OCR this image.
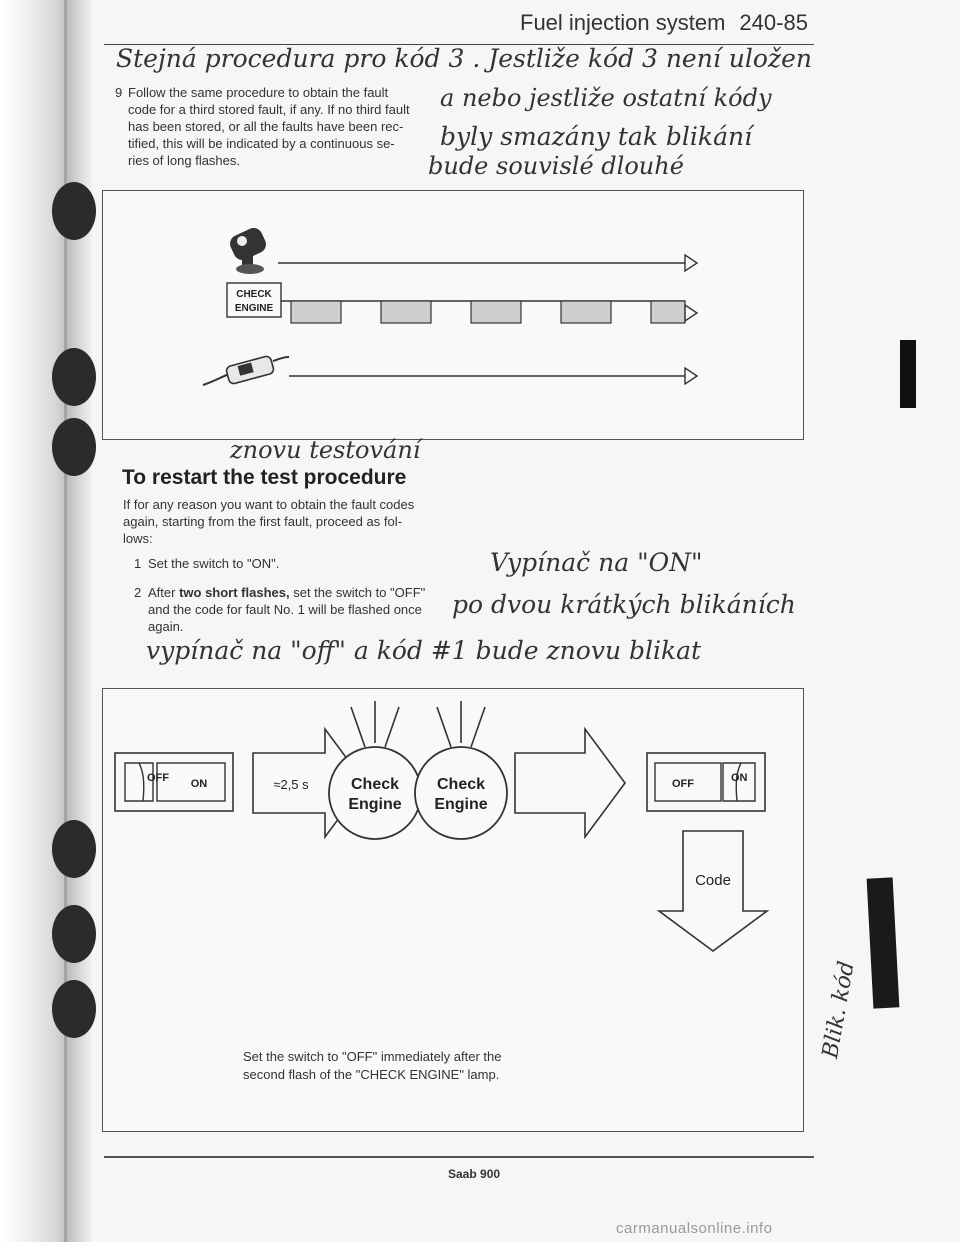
Fuel injection system 240-85
Stejná procedura pro kód 3 . Jestliže kód 3 není uložen
a nebo jestliže ostatní kódy
byly smazány tak blikání
bude souvislé dlouhé
9 Follow the same procedure to obtain the fault
code for a third stored fault, if any. If no third fault
has been stored, or all the faults have been rec-
tified, this will be indicated by a continuous se-
ries of long flashes.
CHECK
ENGINE
znovu testování
To restart the test procedure
If for any reason you want to obtain the fault codes
again, starting from the first fault, proceed as fol-
lows:
1 Set the switch to "ON".	Vypínač na "ON"
2 After two short flashes, set the switch to "OFF"
and the code for fault No. 1 will be flashed once
again.
po dvou krátkých blikáních
vypínač na "off" a kód #1 bude znovu blikat
OFF ON	≈2,5 s	Check
Engine
Check
Engine
OFF	ON
Code
Set the switch to "OFF" immediately after the
second flash of the "CHECK ENGINE" lamp.
Blik. kód
Saab 900
carmanualsonline.info
